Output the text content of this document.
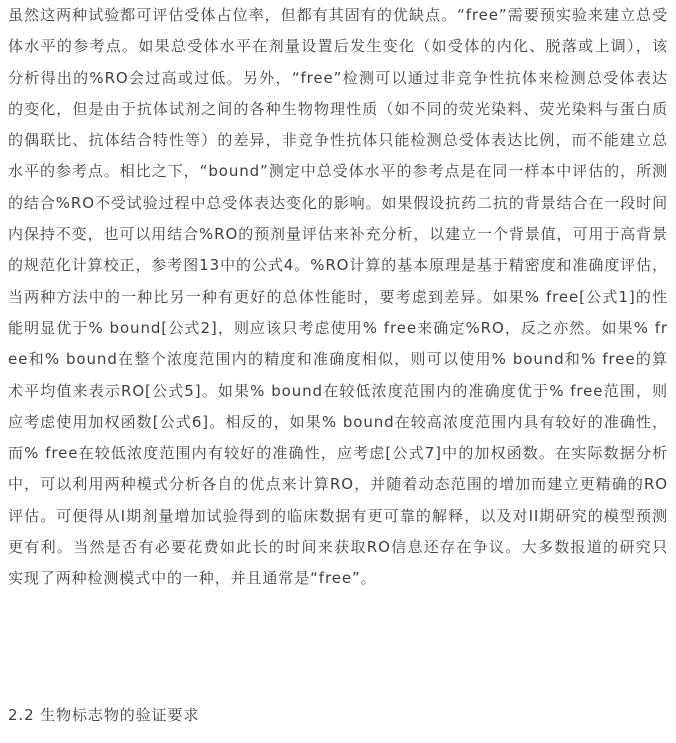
虽然这两种试验都可评估受体占位率，但都有其固有的优缺点。“free”需要预实验来建立总受体水平的参考点。如果总受体水平在剂量设置后发生变化（如受体的内化、脱落或上调），该分析得出的%RO会过高或过低。另外，“free”检测可以通过非竞争性抗体来检测总受体表达的变化，但是由于抗体试剂之间的各种生物物理性质（如不同的荧光染料、荧光染料与蛋白质的偶联比、抗体结合特性等）的差异，非竞争性抗体只能检测总受体表达比例，而不能建立总水平的参考点。相比之下，“bound”测定中总受体水平的参考点是在同一样本中评估的，所测的结合%RO不受试验过程中总受体表达变化的影响。如果假设抗药二抗的背景结合在一段时间内保持不变，也可以用结合%RO的预剂量评估来补充分析，以建立一个背景值，可用于高背景的规范化计算校正，参考图13中的公式4。%RO计算的基本原理是基于精密度和准确度评估，当两种方法中的一种比另一种有更好的总体性能时，要考虑到差异。如果% free[公式1]的性能明显优于% bound[公式2]，则应该只考虑使用% free来确定%RO，反之亦然。如果% free和% bound在整个浓度范围内的精度和准确度相似，则可以使用% bound和% free的算术平均值来表示RO[公式5]。如果% bound在较低浓度范围内的准确度优于% free范围，则应考虑使用加权函数[公式6]。相反的，如果% bound在较高浓度范围内具有较好的准确性，而% free在较低浓度范围内有较好的准确性，应考虑[公式7]中的加权函数。在实际数据分析中，可以利用两种模式分析各自的优点来计算RO，并随着动态范围的增加而建立更精确的RO评估。可便得从I期剂量增加试验得到的临床数据有更可靠的解释，以及对II期研究的模型预测更有利。当然是否有必要花费如此长的时间来获取RO信息还存在争议。大多数报道的研究只实现了两种检测模式中的一种，并且通常是“free”。

2.2 生物标志物的验证要求
